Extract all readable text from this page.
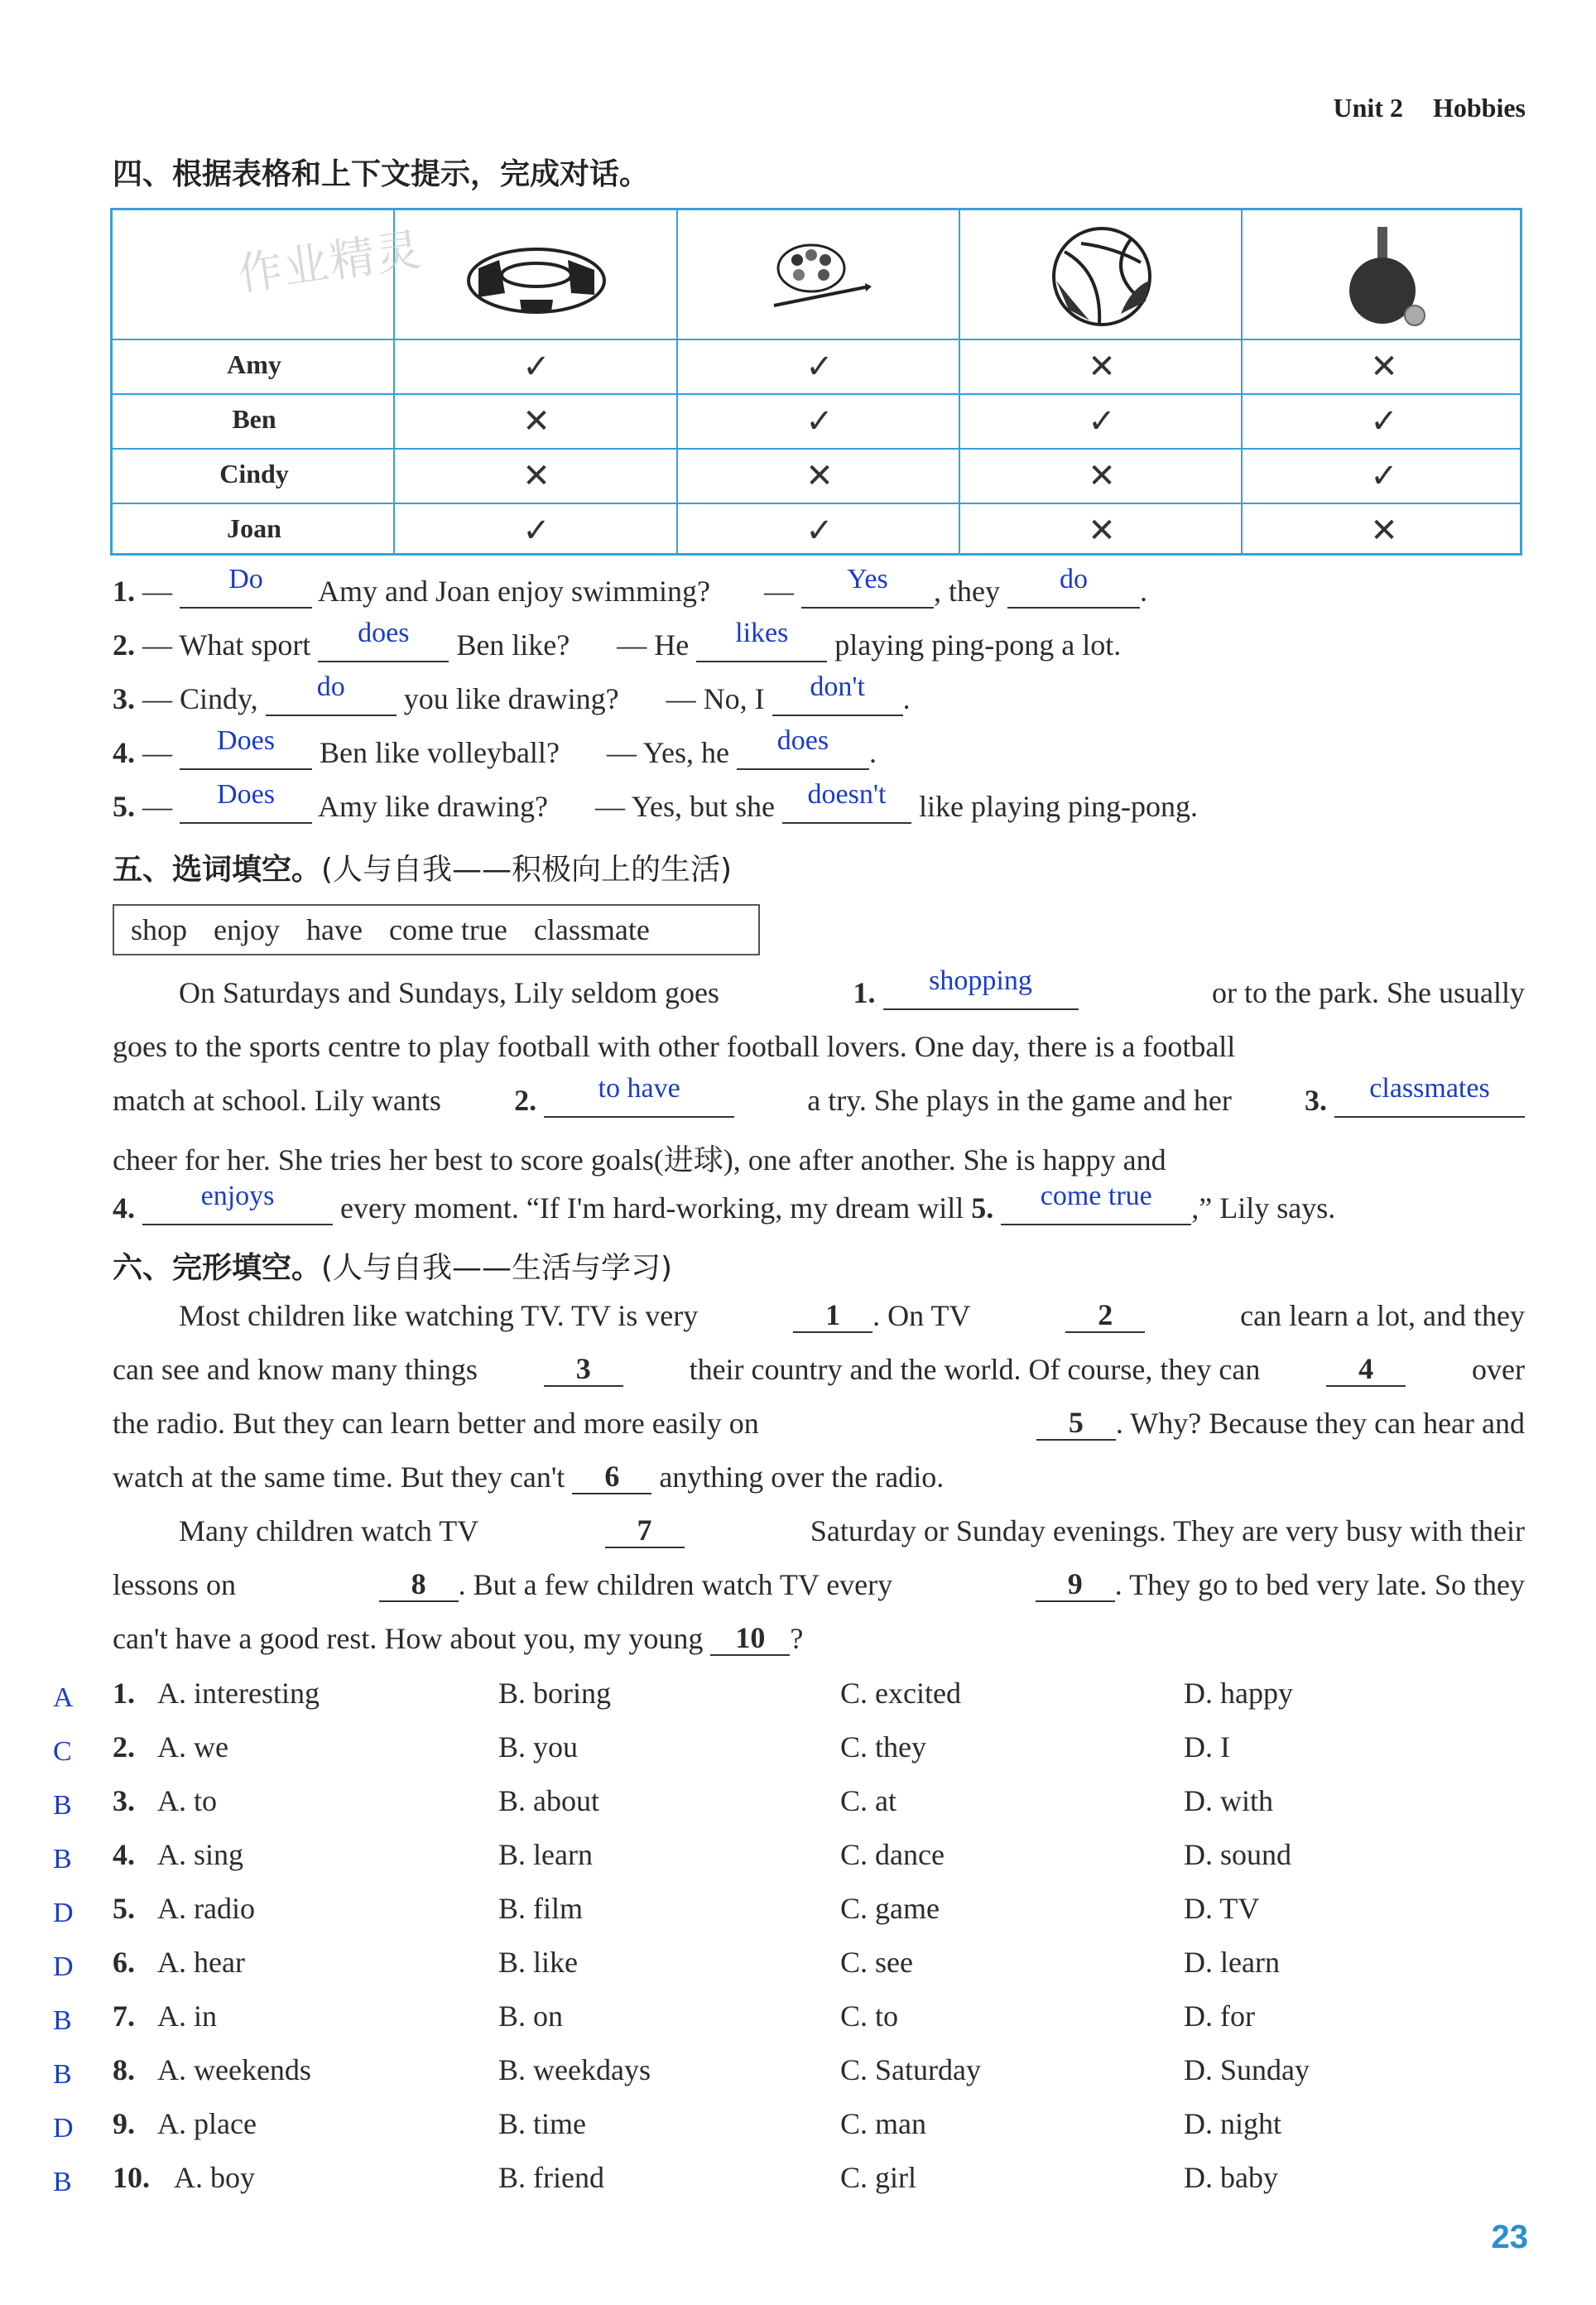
Unit 2 Hobbies
四、根据表格和上下文提示，完成对话。
作业精灵
Amy	✓	✓	✕	✕
Ben	✕	✓	✓	✓
Cindy	✕	✕	✕	✓
Joan	✓	✓	✕	✕
1. —	Do	Amy and Joan enjoy swimming? —	Yes	, they	do	.
2. — What sport	does	Ben like? — He	likes	playing ping-pong a lot.
3. — Cindy,	do	you like drawing? — No, I	don't	.
4. —	Does	Ben like volleyball? — Yes, he	does	.
5. —	Does	Amy like drawing? — Yes, but she	doesn't	like playing ping-pong.
五、选词填空。(人与自我——积极向上的生活)
shop enjoy have come true classmate
On Saturdays and Sundays, Lily seldom goes	1.	shopping	or to the park. She usually
goes to the sports centre to play football with other football lovers. One day, there is a football
match at school. Lily wants 2.	to have	a try. She plays in the game and her 3.	classmates
cheer for her. She tries her best to score goals(进球), one after another. She is happy and
4.	enjoys	every moment. “If I'm hard-working, my dream will 5.	come true	,” Lily says.
六、完形填空。(人与自我——生活与学习)
Most children like watching TV. TV is very	1 . On TV	2	can learn a lot, and they
can see and know many things	3	their country and the world. Of course, they can	4	over
the radio. But they can learn better and more easily on	5 . Why? Because they can hear and
watch at the same time. But they can't 6 anything over the radio.
Many children watch TV	7	Saturday or Sunday evenings. They are very busy with their
lessons on	8 . But a few children watch TV every	9 . They go to bed very late. So they
can't have a good rest. How about you, my young 10 ?
A 1. A. interesting	B. boring	C. excited	D. happy
C 2. A. we	B. you	C. they	D. I
B 3. A. to	B. about	C. at	D. with
B 4. A. sing	B. learn	C. dance	D. sound
D 5. A. radio	B. film	C. game	D. TV
D 6. A. hear	B. like	C. see	D. learn
B 7. A. in	B. on	C. to	D. for
B 8. A. weekends	B. weekdays	C. Saturday	D. Sunday
D 9. A. place	B. time	C. man	D. night
B 10. A. boy	B. friend	C. girl	D. baby
23
